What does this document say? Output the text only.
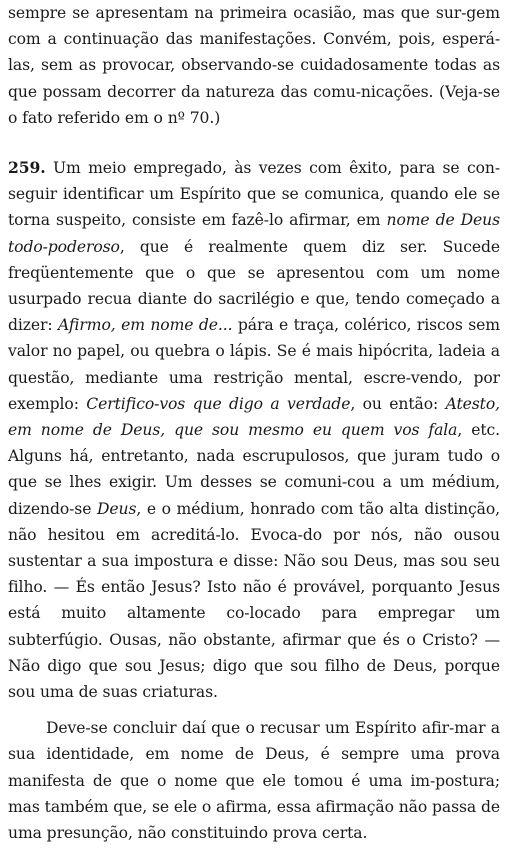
sempre se apresentam na primeira ocasião, mas que sur-gem com a continuação das manifestações. Convém, pois, esperá-las, sem as provocar, observando-se cuidadosamente todas as que possam decorrer da natureza das comu-nicações. (Veja-se o fato referido em o nº 70.)

259. Um meio empregado, às vezes com êxito, para se con-seguir identificar um Espírito que se comunica, quando ele se torna suspeito, consiste em fazê-lo afirmar, em nome de Deus todo-poderoso, que é realmente quem diz ser. Sucede freqüentemente que o que se apresentou com um nome usurpado recua diante do sacrilégio e que, tendo começado a dizer: Afirmo, em nome de... pára e traça, colérico, riscos sem valor no papel, ou quebra o lápis. Se é mais hipócrita, ladeia a questão, mediante uma restrição mental, escre-vendo, por exemplo: Certifico-vos que digo a verdade, ou então: Atesto, em nome de Deus, que sou mesmo eu quem vos fala, etc. Alguns há, entretanto, nada escrupulosos, que juram tudo o que se lhes exigir. Um desses se comuni-cou a um médium, dizendo-se Deus, e o médium, honrado com tão alta distinção, não hesitou em acreditá-lo. Evoca-do por nós, não ousou sustentar a sua impostura e disse: Não sou Deus, mas sou seu filho. — És então Jesus? Isto não é provável, porquanto Jesus está muito altamente co-locado para empregar um subterfúgio. Ousas, não obstante, afirmar que és o Cristo? — Não digo que sou Jesus; digo que sou filho de Deus, porque sou uma de suas criaturas.

Deve-se concluir daí que o recusar um Espírito afir-mar a sua identidade, em nome de Deus, é sempre uma prova manifesta de que o nome que ele tomou é uma im-postura; mas também que, se ele o afirma, essa afirmação não passa de uma presunção, não constituindo prova certa.
